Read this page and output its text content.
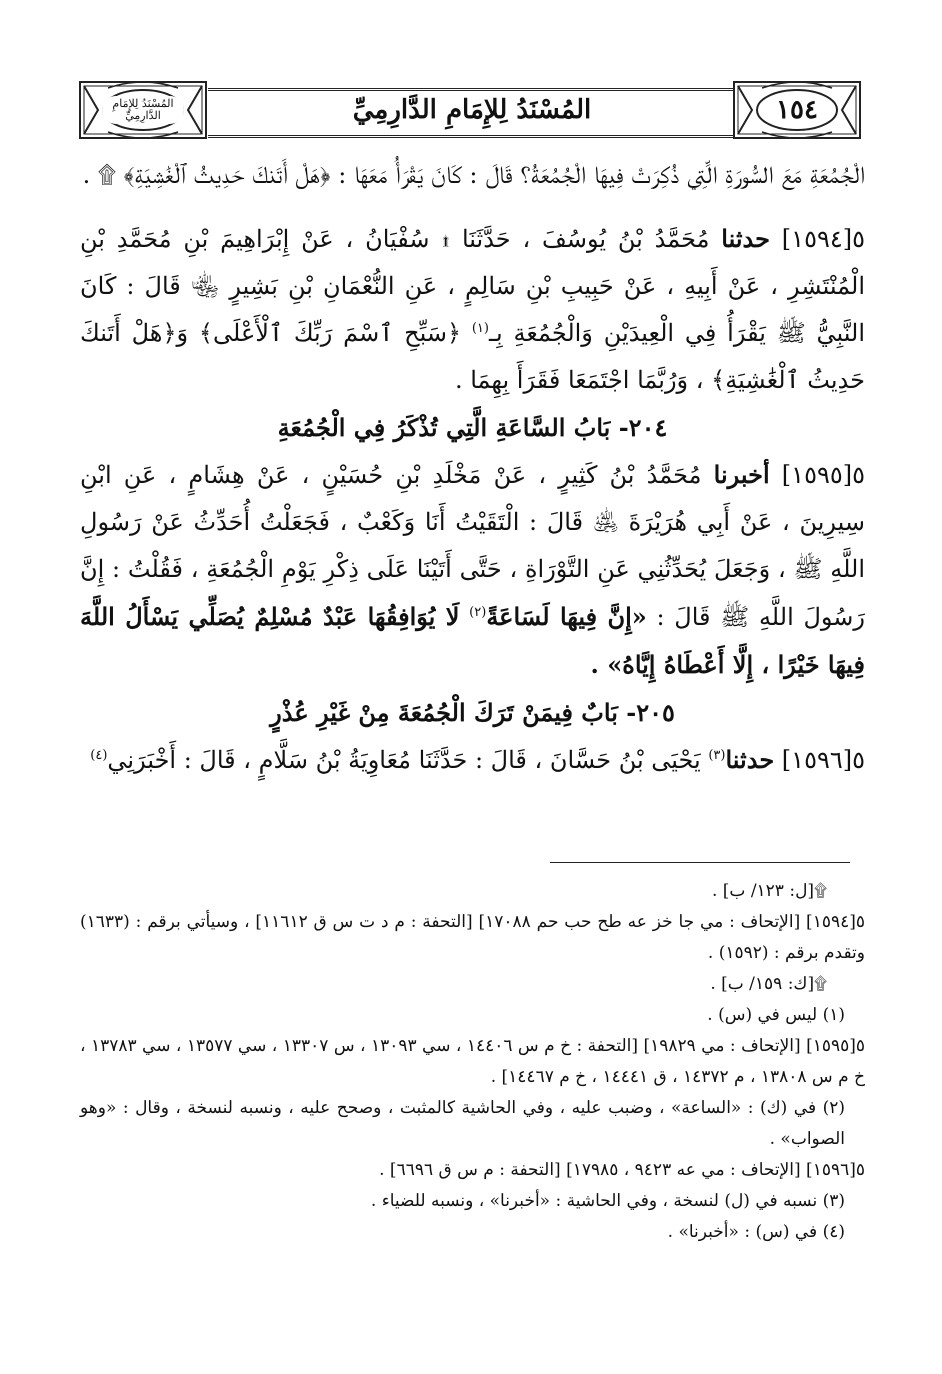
المُسْنَدُ لِلإِمَامِ الدَّارِمِيِّ	المُسْنَدُ لِلإِمَامِ الدَّارِمِيِّ	١٥٤

الْجُمُعَةِ مَعَ السُّورَةِ الَّتِي ذُكِرَتْ فِيهَا الْجُمُعَةُ؟ قَالَ : كَانَ يَقْرَأُ مَعَهَا : ﴿هَلْ أَتَنكَ حَدِيثُ ٱلْغَٰشِيَةِ﴾ ۩ .

٥[١٥٩٤] حدثنا مُحَمَّدُ بْنُ يُوسُفَ ، حَدَّثَنَا ۩ سُفْيَانُ ، عَنْ إِبْرَاهِيمَ بْنِ مُحَمَّدِ بْنِ الْمُنْتَشِرِ ، عَنْ أَبِيهِ ، عَنْ حَبِيبِ بْنِ سَالِمٍ ، عَنِ النُّعْمَانِ بْنِ بَشِيرٍ ﵄ قَالَ : كَانَ النَّبِيُّ ﷺ يَقْرَأُ فِي الْعِيدَيْنِ وَالْجُمُعَةِ بِـ$^{(١)}$ ﴿سَبِّحِ ٱسْمَ رَبِّكَ ٱلْأَعْلَى﴾ وَ﴿هَلْ أَتَنكَ حَدِيثُ ٱلْغَٰشِيَةِ﴾ ، وَرُبَّمَا اجْتَمَعَا فَقَرَأَ بِهِمَا .

٢٠٤- بَابُ السَّاعَةِ الَّتِي تُذْكَرُ فِي الْجُمُعَةِ

٥[١٥٩٥] أخبرنا مُحَمَّدُ بْنُ كَثِيرٍ ، عَنْ مَخْلَدِ بْنِ حُسَيْنٍ ، عَنْ هِشَامٍ ، عَنِ ابْنِ سِيرِينَ ، عَنْ أَبِي هُرَيْرَةَ ﵁ قَالَ : الْتَقَيْتُ أَنَا وَكَعْبٌ ، فَجَعَلْتُ أُحَدِّثُ عَنْ رَسُولِ اللَّهِ ﷺ ، وَجَعَلَ يُحَدِّثُنِي عَنِ التَّوْرَاةِ ، حَتَّى أَتَيْنَا عَلَى ذِكْرِ يَوْمِ الْجُمُعَةِ ، فَقُلْتُ : إِنَّ رَسُولَ اللَّهِ ﷺ قَالَ : «إِنَّ فِيهَا لَسَاعَةً$^{(٢)}$ لَا يُوَافِقُهَا عَبْدٌ مُسْلِمٌ يُصَلِّي يَسْأَلُ اللَّهَ فِيهَا خَيْرًا ، إِلَّا أَعْطَاهُ إِيَّاهُ» .

٢٠٥- بَابٌ فِيمَنْ تَرَكَ الْجُمُعَةَ مِنْ غَيْرِ عُذْرٍ

٥[١٥٩٦] حدثنا$^{(٣)}$ يَحْيَى بْنُ حَسَّانَ ، قَالَ : حَدَّثَنَا مُعَاوِيَةُ بْنُ سَلَّامٍ ، قَالَ : أَخْبَرَنِي$^{(٤)}$

۩[ل: ١٢٣/ ب] .

٥[١٥٩٤] [الإتحاف : مي جا خز عه طح حب حم ١٧٠٨٨] [التحفة : م د ت س ق ١١٦١٢] ، وسيأتي برقم : (١٦٣٣) وتقدم برقم : (١٥٩٢) .

۩[ك: ١٥٩/ ب] .

(١) ليس في (س) .

٥[١٥٩٥] [الإتحاف : مي ١٩٨٢٩] [التحفة : خ م س ١٤٤٠٦ ، سي ١٣٠٩٣ ، س ١٣٣٠٧ ، سي ١٣٥٧٧ ، سي ١٣٧٨٣ ، خ م س ١٣٨٠٨ ، م ١٤٣٧٢ ، ق ١٤٤٤١ ، خ م ١٤٤٦٧] .

(٢) في (ك) : «الساعة» ، وضبب عليه ، وفي الحاشية كالمثبت ، وصحح عليه ، ونسبه لنسخة ، وقال : «وهو الصواب» .

٥[١٥٩٦] [الإتحاف : مي عه ٩٤٢٣ ، ١٧٩٨٥] [التحفة : م س ق ٦٦٩٦] .

(٣) نسبه في (ل) لنسخة ، وفي الحاشية : «أخبرنا» ، ونسبه للضياء .

(٤) في (س) : «أخبرنا» .
